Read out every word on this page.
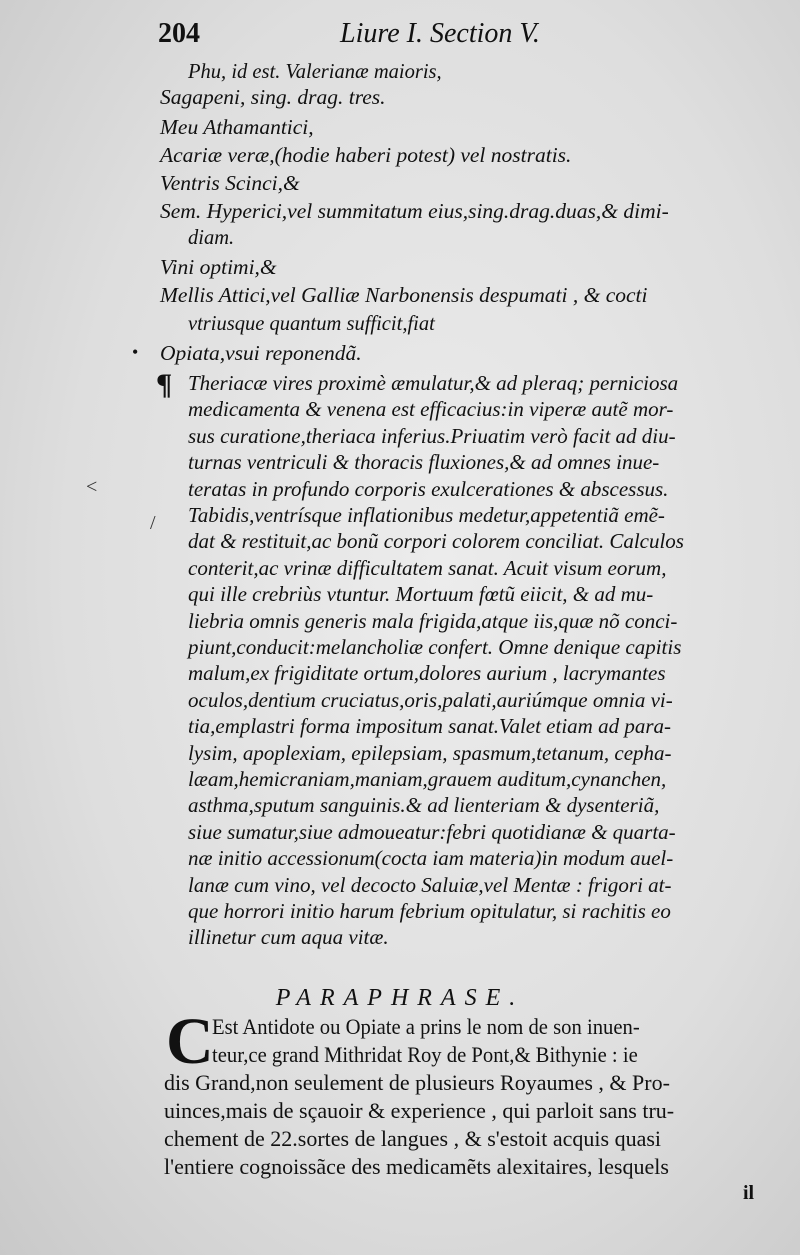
204	Liure I. Section V.
Phu, id est. Valerianæ maioris,
Sagapeni, sing. drag. tres.
Meu Athamantici,
Acariæ veræ,(hodie haberi potest) vel nostratis.
Ventris Scinci,&
Sem. Hyperici,vel summitatum eius,sing.drag.duas,& dimi-
diam.
Vini optimi,&
Mellis Attici,vel Galliæ Narbonensis despumati , & cocti
vtriusque quantum sufficit,fiat
Opiata,vsui reponendã.
•
¶ Theriacæ vires proximè æmulatur,& ad pleraq; perniciosa
medicamenta & venena est efficacius:in viperæ autẽ mor-
sus curatione,theriaca inferius.Priuatim verò facit ad diu-
turnas ventriculi & thoracis fluxiones,& ad omnes inue-
teratas in profundo corporis exulcerationes & abscessus.
Tabidis,ventrísque inflationibus medetur,appetentiã emẽ-
dat & restituit,ac bonũ corpori colorem conciliat. Calculos
conterit,ac vrinæ difficultatem sanat. Acuit visum eorum,
qui ille crebriùs vtuntur. Mortuum fœtũ eiicit, & ad mu-
liebria omnis generis mala frigida,atque iis,quæ nõ conci-
piunt,conducit:melancholiæ confert. Omne denique capitis
malum,ex frigiditate ortum,dolores aurium , lacrymantes
oculos,dentium cruciatus,oris,palati,auriúmque omnia vi-
tia,emplastri forma impositum sanat.Valet etiam ad para-
lysim, apoplexiam, epilepsiam, spasmum,tetanum, cepha-
læam,hemicraniam,maniam,grauem auditum,cynanchen,
asthma,sputum sanguinis.& ad lienteriam & dysenteriã,
siue sumatur,siue admoueatur:febri quotidianæ & quarta-
næ initio accessionum(cocta iam materia)in modum auel-
lanæ cum vino, vel decocto Saluiæ,vel Mentæ : frigori at-
que horrori initio harum febrium opitulatur, si rachitis eo
illinetur cum aqua vitæ.
<
/
PARAPHRASE.
C
Est Antidote ou Opiate a prins le nom de son inuen-
teur,ce grand Mithridat Roy de Pont,& Bithynie : ie
dis Grand,non seulement de plusieurs Royaumes , & Pro-
uinces,mais de sçauoir & experience , qui parloit sans tru-
chement de 22.sortes de langues , & s'estoit acquis quasi
l'entiere cognoissãce des medicamẽts alexitaires, lesquels
il
